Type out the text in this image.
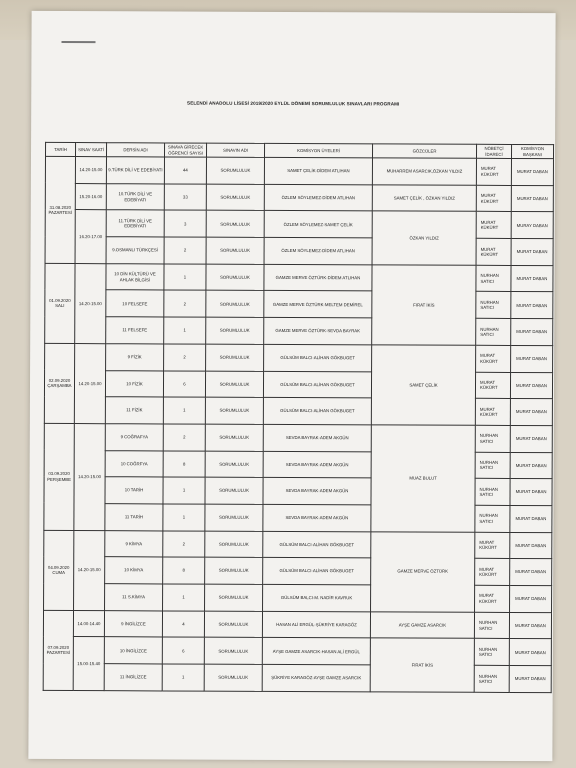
SELENDİ ANADOLU LİSESİ 2019/2020 EYLÜL DÖNEMİ SORUMLULUK SINAVLARI PROGRAMI
TARİH	SINAV SAATİ	DERSİN ADI	SINAVA GİRECEK ÖĞRENCİ SAYISI	SINAVIN ADI	KOMİSYON ÜYELERİ	GÖZCÜLER	NÖBETÇİ İDARECİ	KOMİSYON BAŞKANI
31.08.2020 PAZARTESİ	14.20-15.00	9.TÜRK DİLİ VE EDEBİYATI	44	SORUMLULUK	SAMET ÇELİK-DİDEM ATLIHAN	MUHARREM ASARCIK,ÖZKAN YILDIZ	MURAT KÜKÜRT	MURAT DABAN
	15.20-16.00	10.TÜRK DİLİ VE EDEBİYATI	33	SORUMLULUK	ÖZLEM SÖYLEMEZ-DİDEM ATLIHAN	SAMET ÇELİK , ÖZKAN YILDIZ	MURAT KÜKÜRT	MURAT DABAN
	16.20-17.00	11.TÜRK DİLİ VE EDEBİYATI	3	SORUMLULUK	ÖZLEM SÖYLEMEZ-SAMET ÇELİK	ÖZKAN YILDIZ	MURAT KÜKÜRT	MURAY DABAN
		9.OSMANLI TÜRKÇESİ	2	SORUMLULUK	ÖZLEM SÖYLEMEZ-DİDEM ATLIHAN		MURAT KÜKÜRT	MURAT DABAN
01.09.2020 SALI	14.20-15.00	10 DİN KÜLTÜRÜ VE AHLAK BİLGİSİ	1	SORUMLULUK	GAMZE MERVE ÖZTÜRK-DİDEM ATLIHAN	FIRAT İKİS	NURHAN SATICI	MURAT DABAN
		10 FELSEFE	2	SORUMLULUK	GAMZE MERVE ÖZTÜRK-MELTEM DEMİREL		NURHAN SATICI	MURAT DABAN
		11 FELSEFE	1	SORUMLULUK	GAMZE MERVE ÖZTÜRK-SEVDA BAYRAK		NURHAN SATICI	MURAT DABAN
02.09.2020 ÇARŞAMBA	14.20-15.00	9 FİZİK	2	SORUMLULUK	GÜLSÜM BALCI-ALİHAN GÖKBUGET	SAMET ÇELİK	MURAT KÜKÜRT	MURAT DABAN
		10 FİZİK	6	SORUMLULUK	GÜLSÜM BALCI-ALİHAN GÖKBUGET		MURAT KÜKÜRT	MURAT DABAN
		11 FİZİK	1	SORUMLULUK	GÜLSÜM BALCI-ALİHAN GÖKBUGET		MURAT KÜKÜRT	MURAT DABAN
03.09.2020 PERŞEMBE	14.20-15.00	9 COĞRAFYA	2	SORUMLULUK	SEVDA BAYRAK-ADEM AKGÜN	MUAZ BULUT	NURHAN SATICI	MURAT DABAN
		10 COĞRFYA	8	SORUMLULUK	SEVDA BAYRAK-ADEM AKGÜN		NURHAN SATICI	MURAT DABAN
		10 TARİH	1	SORUMLULUK	SEVDA BAYRAK-ADEM AKGÜN		NURHAN SATICI	MURAT DABAN
		11 TARİH	1	SORUMLULUK	SEVDA BAYRAK-ADEM AKGÜN		NURHAN SATICI	MURAT DABAN
04.09.2020 CUMA	14.20-15.00	9 KİMYA	2	SORUMLULUK	GÜLSÜM BALCI-ALİHAN GÖKBUGET	GAMZE MERVE ÖZTÜRK	MURAT KÜKÜRT	MURAT DABAN
		10 KİMYA	8	SORUMLULUK	GÜLSÜM BALCI-ALİHAN GÖKBUGET		MURAT KÜKÜRT	MURAT DABAN
		11 S.KİMYA	1	SORUMLULUK	GÜLSÜM BALCI-M. NADİR KAVRUK		MURAT KÜKÜRT	MURAT DABAN
07.09.2020 PAZARTESİ	14.00-14.40	9 İNGİLİZCE	4	SORUMLULUK	HASAN ALİ ERGÜL-ŞÜKRİYE KARAGÖZ	AYŞE GAMZE ASARCIK	NURHAN SATICI	MURAT DABAN
	15.00-15.40	10 İNGİLİZCE	6	SORUMLULUK	AYŞE GAMZE ASARCIK-HASAN ALİ ERGÜL	FIRAT İKİS	NURHAN SATICI	MURAT DABAN
		11 İNGİLİZCE	1	SORUMLULUK	ŞÜKRİYE KARAGÖZ-AYŞE GAMZE ASARCIK		NURHAN SATICI	MURAT DABAN
